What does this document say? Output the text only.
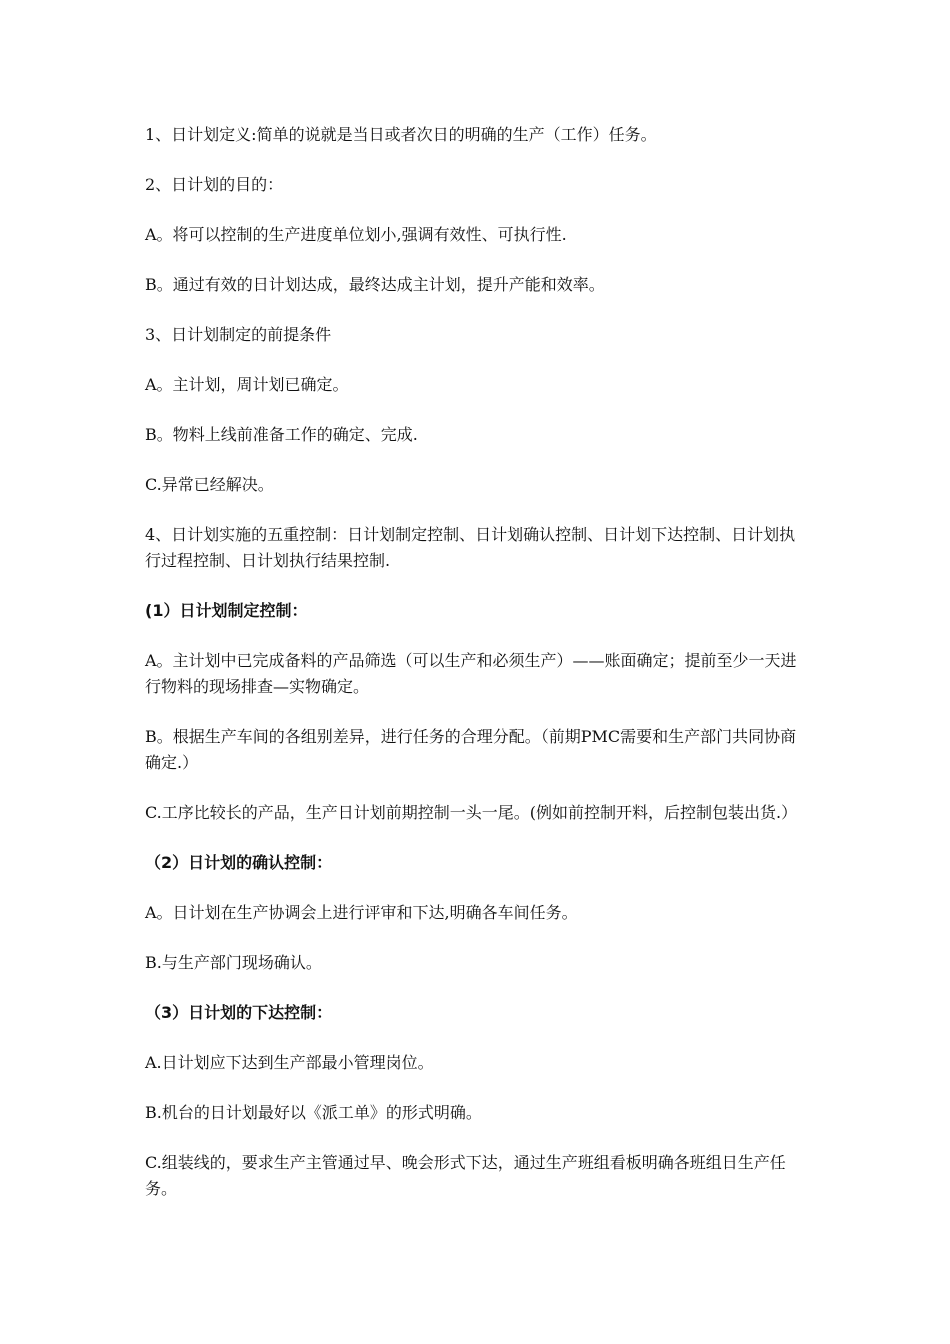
1、日计划定义:简单的说就是当日或者次日的明确的生产（工作）任务。

2、日计划的目的：

A。将可以控制的生产进度单位划小,强调有效性、可执行性.

B。通过有效的日计划达成，最终达成主计划，提升产能和效率。

3、日计划制定的前提条件

A。主计划，周计划已确定。

B。物料上线前准备工作的确定、完成.

C.异常已经解决。

4、日计划实施的五重控制：日计划制定控制、日计划确认控制、日计划下达控制、日计划执行过程控制、日计划执行结果控制.

(1）日计划制定控制：

A。主计划中已完成备料的产品筛选（可以生产和必须生产）——账面确定；提前至少一天进行物料的现场排查—实物确定。

B。根据生产车间的各组别差异，进行任务的合理分配。（前期PMC需要和生产部门共同协商确定.）

C.工序比较长的产品，生产日计划前期控制一头一尾。(例如前控制开料，后控制包装出货.）

（2）日计划的确认控制：

A。日计划在生产协调会上进行评审和下达,明确各车间任务。

B.与生产部门现场确认。

（3）日计划的下达控制：

A.日计划应下达到生产部最小管理岗位。

B.机台的日计划最好以《派工单》的形式明确。

C.组装线的，要求生产主管通过早、晚会形式下达，通过生产班组看板明确各班组日生产任务。
